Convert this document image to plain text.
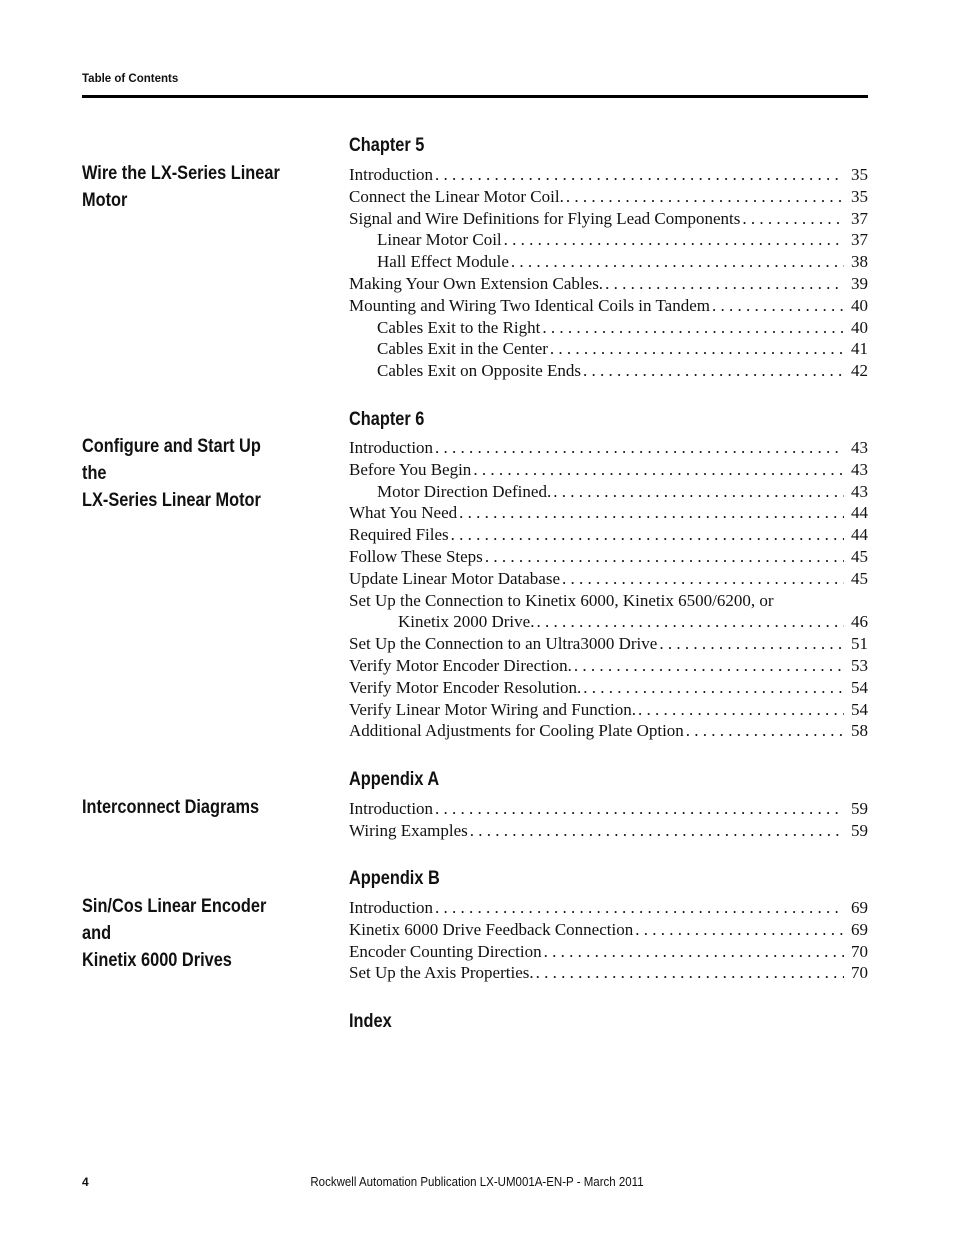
Table of Contents
Chapter 5
Wire the LX-Series Linear
Motor
Introduction . . .	35
Connect the Linear Motor Coil. . . .	35
Signal and Wire Definitions for Flying Lead Components . . .	37
Linear Motor Coil . . .	37
Hall Effect Module . . .	38
Making Your Own Extension Cables. . . .	39
Mounting and Wiring Two Identical Coils in Tandem . . .	40
Cables Exit to the Right . . .	40
Cables Exit in the Center . . .	41
Cables Exit on Opposite Ends . . .	42
Chapter 6
Configure and Start Up the
LX-Series Linear Motor
Introduction . . .	43
Before You Begin . . .	43
Motor Direction Defined. . . .	43
What You Need . . .	44
Required Files . . .	44
Follow These Steps . . .	45
Update Linear Motor Database . . .	45
Set Up the Connection to Kinetix 6000, Kinetix 6500/6200, or
Kinetix 2000 Drive. . . .	46
Set Up the Connection to an Ultra3000 Drive . . .	51
Verify Motor Encoder Direction. . . .	53
Verify Motor Encoder Resolution. . . .	54
Verify Linear Motor Wiring and Function. . . .	54
Additional Adjustments for Cooling Plate Option . . .	58
Appendix A
Interconnect Diagrams	Introduction . . .	59
Wiring Examples . . .	59
Appendix B
Sin/Cos Linear Encoder and
Kinetix 6000 Drives
Introduction . . .	69
Kinetix 6000 Drive Feedback Connection . . .	69
Encoder Counting Direction . . .	70
Set Up the Axis Properties. . . .	70
Index
4	Rockwell Automation Publication LX-UM001A-EN-P - March 2011
